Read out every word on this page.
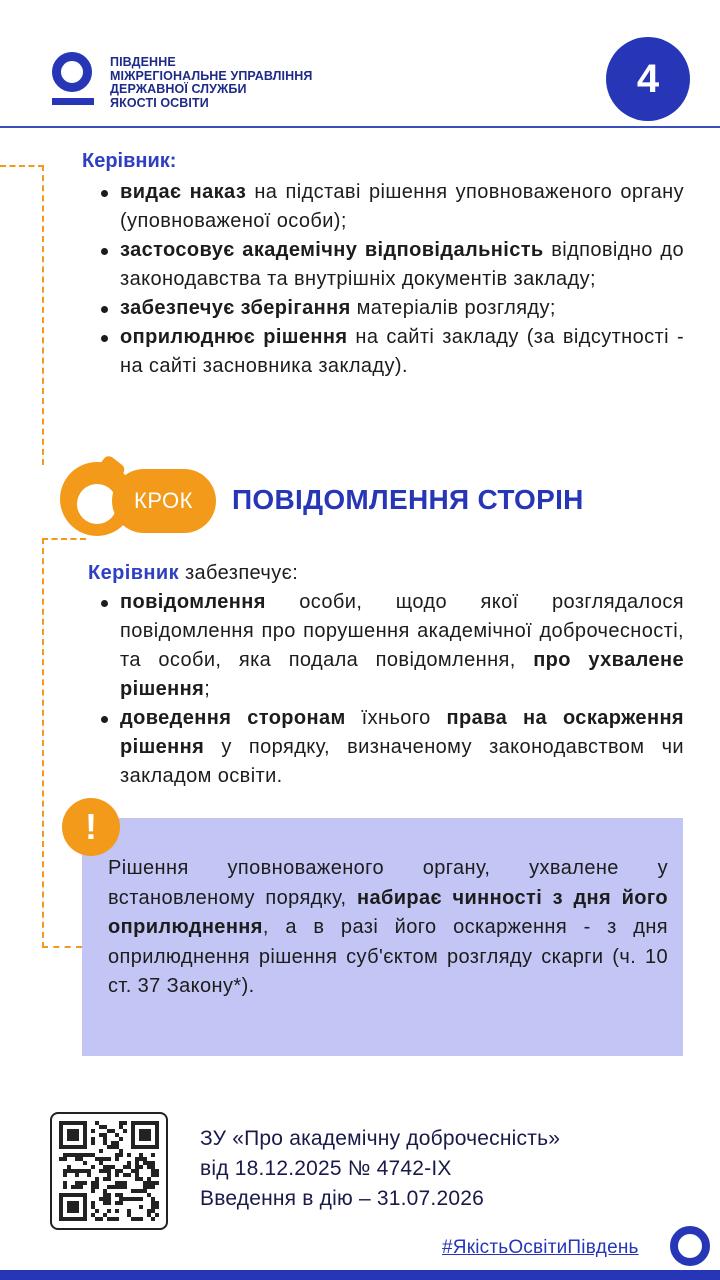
ПІВДЕННЕ
МІЖРЕГІОНАЛЬНЕ УПРАВЛІННЯ
ДЕРЖАВНОЇ СЛУЖБИ
ЯКОСТІ ОСВІТИ
4
Керівник:
видає наказ на підставі рішення уповноваженого органу (уповноваженої особи);
застосовує академічну відповідальність відповідно до законодавства та внутрішніх документів закладу;
забезпечує зберігання матеріалів розгляду;
оприлюднює рішення на сайті закладу (за відсутності - на сайті засновника закладу).
КРОК	ПОВІДОМЛЕННЯ СТОРІН
Керівник забезпечує:
повідомлення особи, щодо якої розглядалося повідомлення про порушення академічної доброчесності, та особи, яка подала повідомлення, про ухвалене рішення;
доведення сторонам їхнього права на оскарження рішення у порядку, визначеному законодавством чи закладом освіти.
!
Рішення уповноваженого органу, ухвалене у встановленому порядку, набирає чинності з дня його оприлюднення, а в разі його оскарження - з дня оприлюднення рішення суб'єктом розгляду скарги (ч. 10 ст. 37 Закону*).
ЗУ «Про академічну доброчесність»
від 18.12.2025 № 4742-IX
Введення в дію – 31.07.2026
#ЯкістьОсвітиПівдень
